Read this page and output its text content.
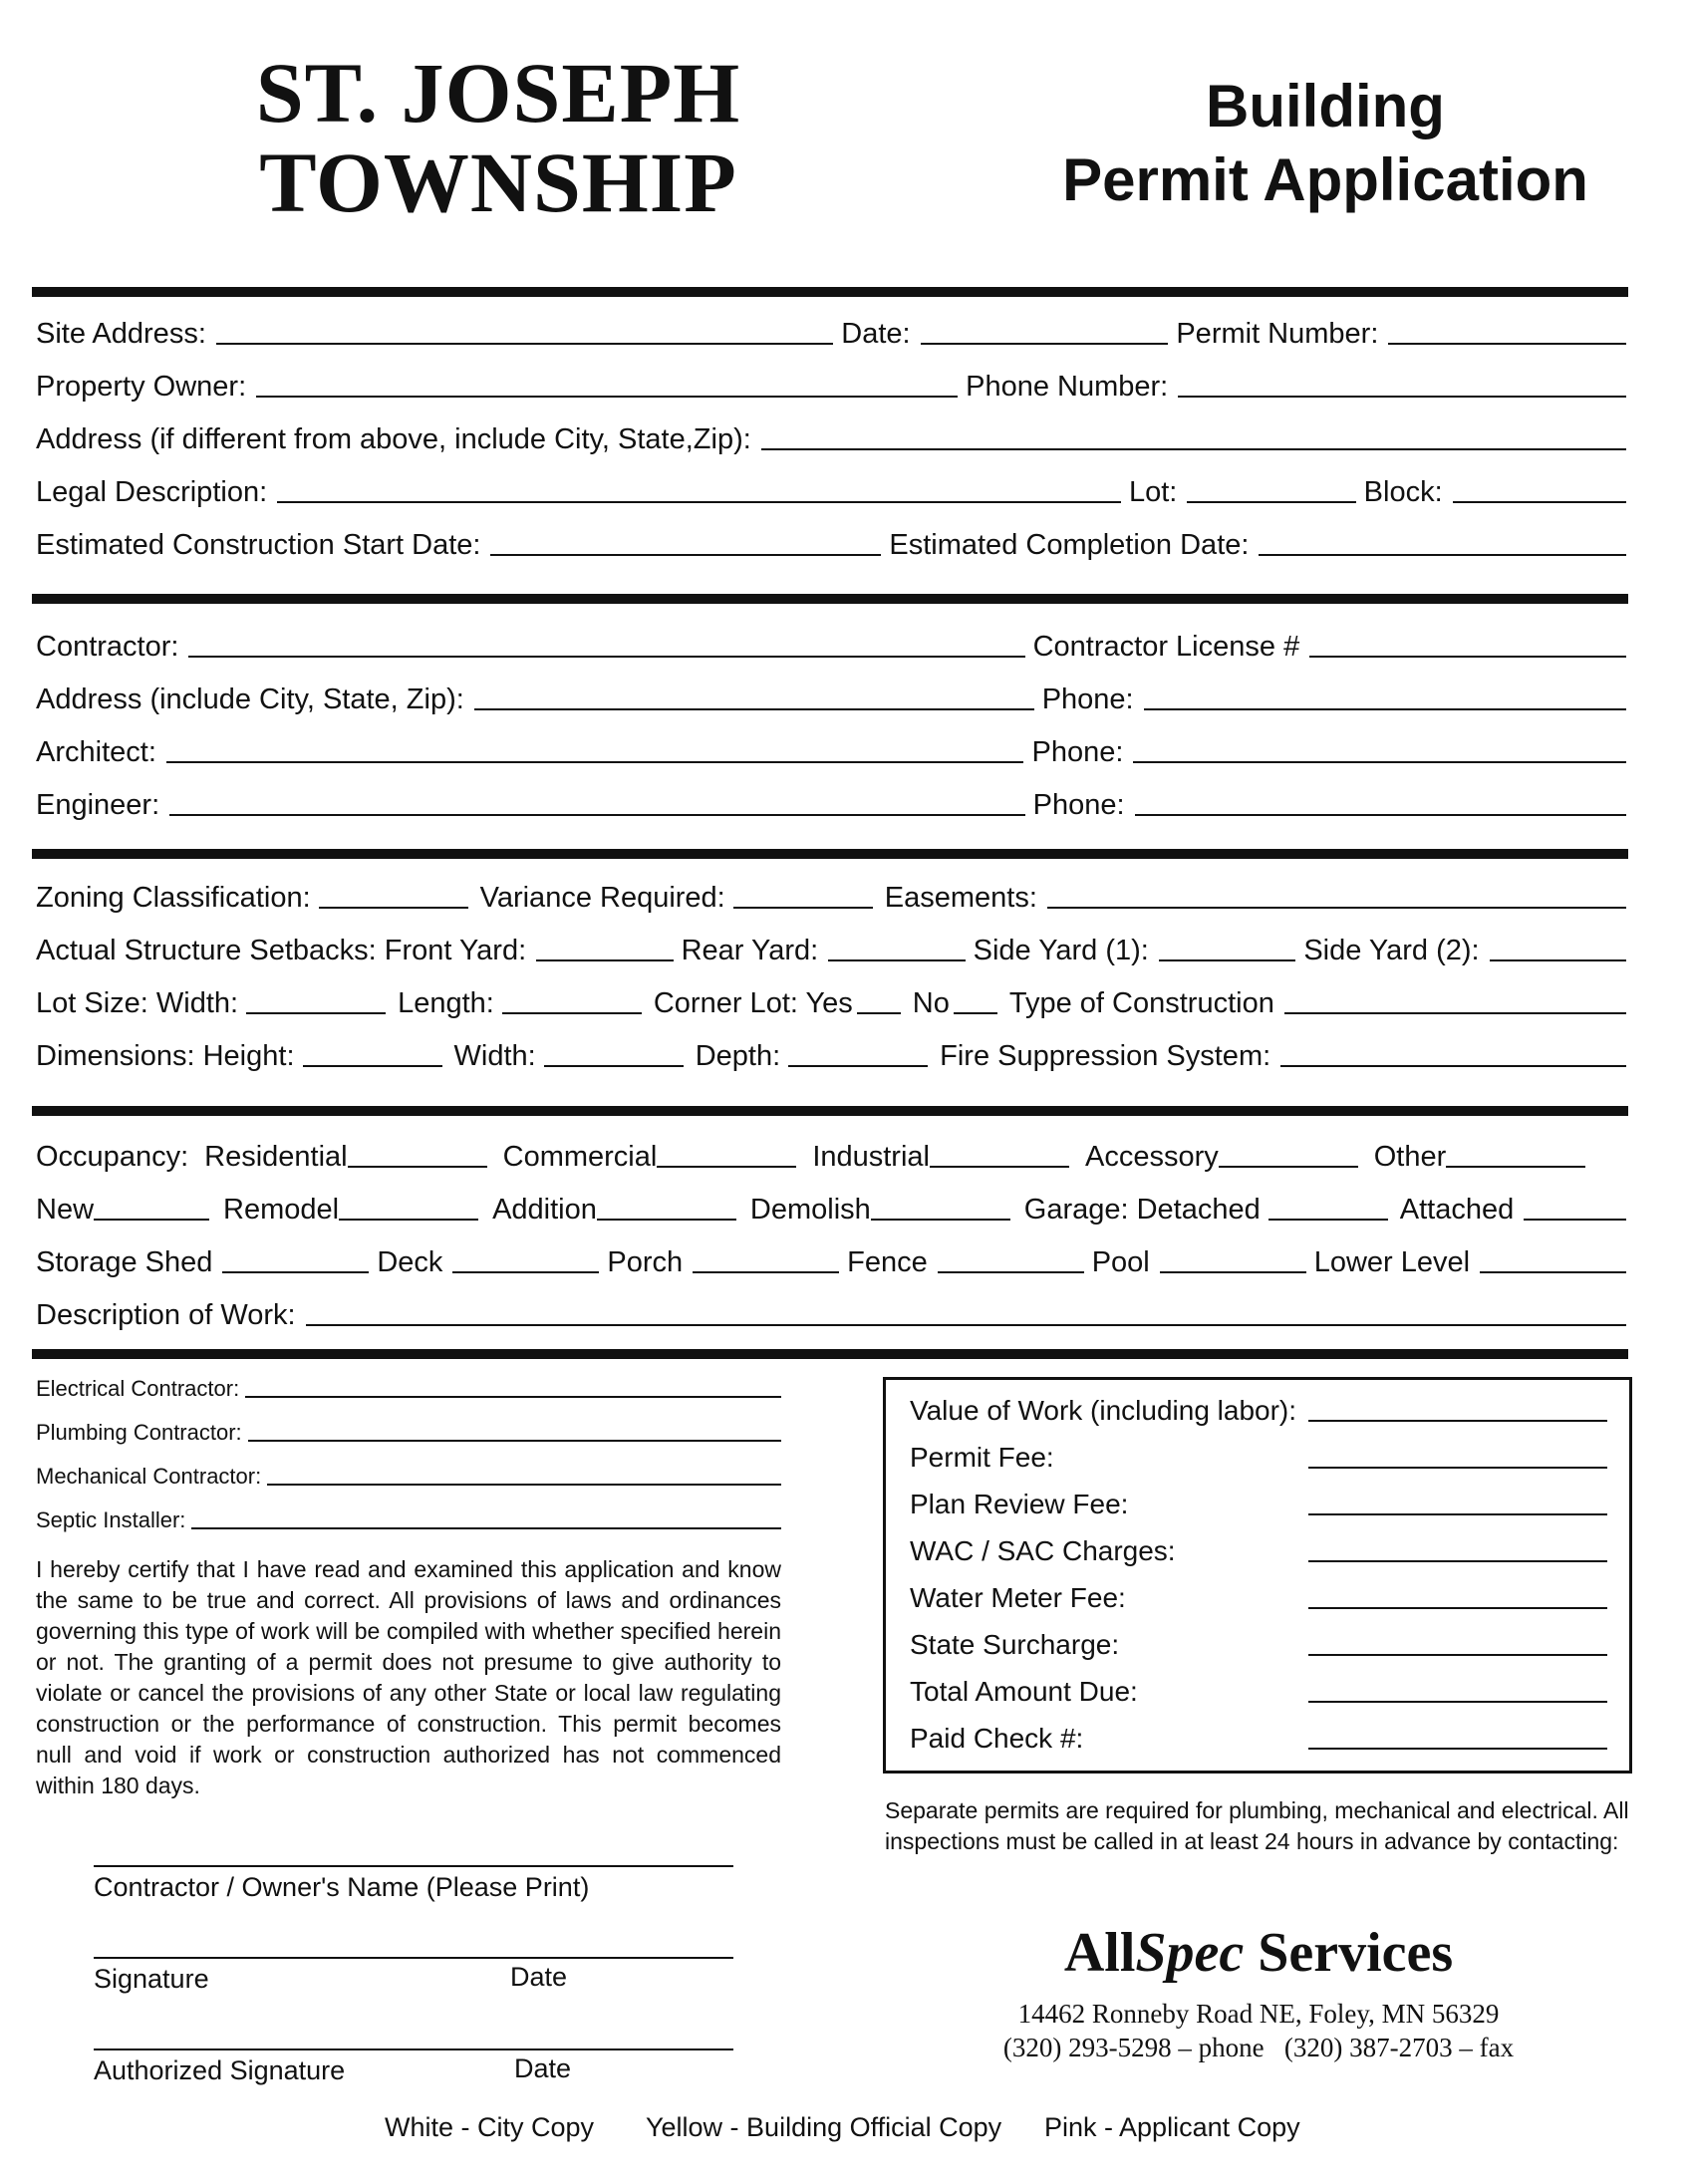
ST. JOSEPH
TOWNSHIP
Building
Permit Application
Site Address:	Date:	Permit Number:
Property Owner:	Phone Number:
Address (if different from above, include City, State,Zip):
Legal Description:	Lot:	Block:
Estimated Construction Start Date:	Estimated Completion Date:
Contractor:	Contractor License #
Address (include City, State, Zip):	Phone:
Architect:	Phone:
Engineer:	Phone:
Zoning Classification:	Variance Required:	Easements:
Actual Structure Setbacks: Front Yard:	Rear Yard:	Side Yard (1):	Side Yard (2):
Lot Size: Width:	Length:	Corner Lot: Yes No Type of Construction
Dimensions: Height:	Width:	Depth:	Fire Suppression System:
Occupancy: Residential	Commercial	Industrial	Accessory	Other
New	Remodel	Addition	Demolish	Garage: Detached	Attached
Storage Shed	Deck	Porch	Fence	Pool	Lower Level
Description of Work:
Electrical Contractor:
Plumbing Contractor:
Mechanical Contractor:
Septic Installer:
I hereby certify that I have read and examined this application and know the same to be true and correct. All provisions of laws and ordinances governing this type of work will be compiled with whether specified herein or not. The granting of a permit does not presume to give authority to violate or cancel the provisions of any other State or local law regulating construction or the performance of construction. This permit becomes null and void if work or construction authorized has not commenced within 180 days.
Contractor / Owner's Name (Please Print)
Signature	Date
Authorized Signature	Date
Value of Work (including labor):
Permit Fee:
Plan Review Fee:
WAC / SAC Charges:
Water Meter Fee:
State Surcharge:
Total Amount Due:
Paid Check #:
Separate permits are required for plumbing, mechanical and electrical. All inspections must be called in at least 24 hours in advance by contacting:
AllSpec Services
14462 Ronneby Road NE, Foley, MN 56329
(320) 293-5298 – phone   (320) 387-2703 – fax
White - City Copy Yellow - Building Official Copy Pink - Applicant Copy
